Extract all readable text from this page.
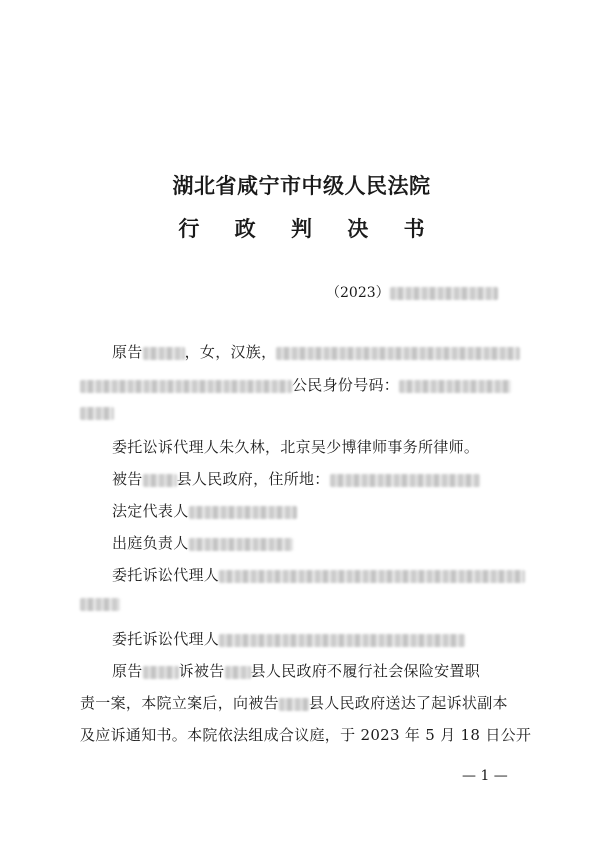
湖北省咸宁市中级人民法院
行 政 判 决 书
（2023）
原告	，女，汉族，
公民身份号码：
委托讼诉代理人朱久林，北京吴少博律师事务所律师。
被告 县人民政府，住所地：
法定代表人
出庭负责人
委托诉讼代理人
委托诉讼代理人
原告 诉被告 县人民政府不履行社会保险安置职
责一案，本院立案后，向被告 县人民政府送达了起诉状副本
及应诉通知书。本院依法组成合议庭，于 2023 年 5 月 18 日公开
— 1 —
